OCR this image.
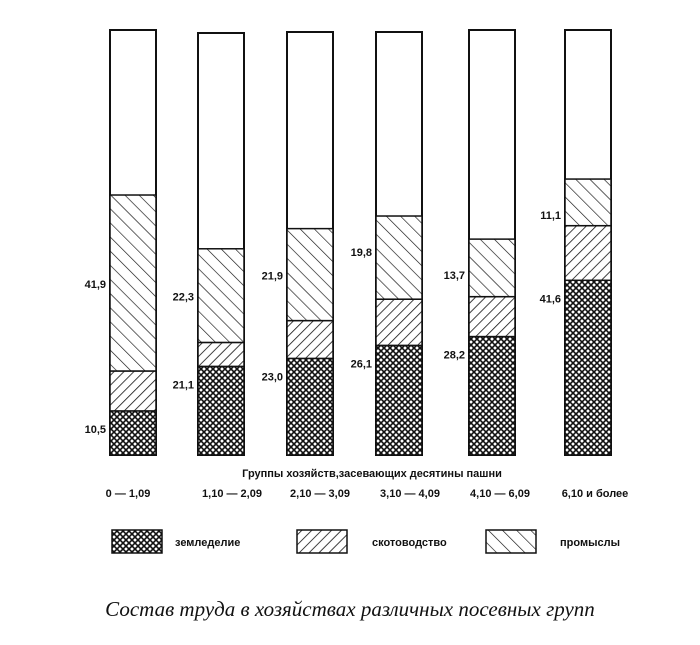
10,5
41,9
21,1
22,3
23,0
21,9
26,1
19,8
28,2
13,7
41,6
11,1
Группы хозяйств,засевающих десятины пашни
0 — 1,09	1,10 — 2,09	2,10 — 3,09	3,10 — 4,09	4,10 — 6,09	6,10 и более
земледелие	скотоводство	промыслы
Состав труда в хозяйствах различных посевных групп
